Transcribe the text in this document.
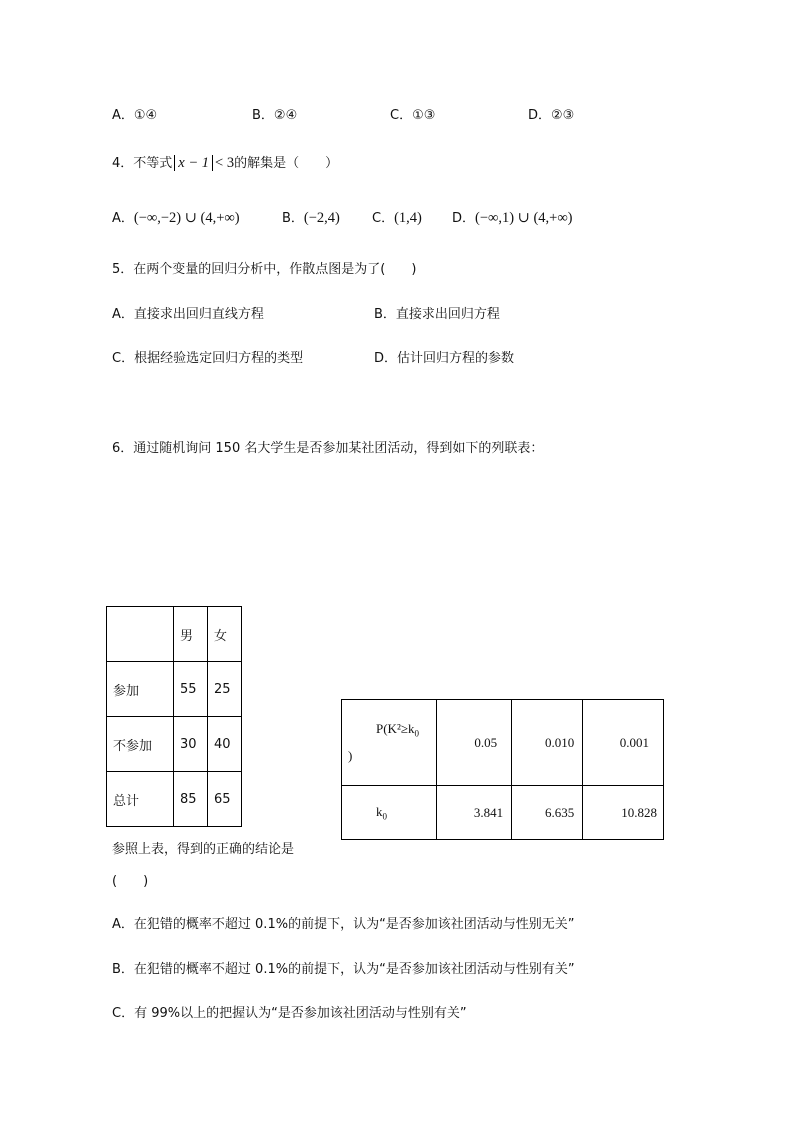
A．①④	B．②④	C．①③	D．②③
4．不等式 x − 1 < 3的解集是（　　）
A．(−∞,−2) ∪ (4,+∞)	B．(−2,4) C．(1,4) D．(−∞,1) ∪ (4,+∞)
5．在两个变量的回归分析中，作散点图是为了(　　)
A．直接求出回归直线方程	B．直接求出回归方程
C．根据经验选定回归方程的类型	D．估计回归方程的参数
6．通过随机询问 150 名大学生是否参加某社团活动，得到如下的列联表：
	男	女
参加	55	25
不参加	30	40
总计	85	65
$P(K^2\ge k_0$
)	0.05	0.010	0.001
$k_0$	3.841	6.635	10.828
参照上表，得到的正确的结论是
(　　)
A．在犯错的概率不超过 0.1%的前提下，认为“是否参加该社团活动与性别无关”
B．在犯错的概率不超过 0.1%的前提下，认为“是否参加该社团活动与性别有关”
C．有 99%以上的把握认为“是否参加该社团活动与性别有关”
